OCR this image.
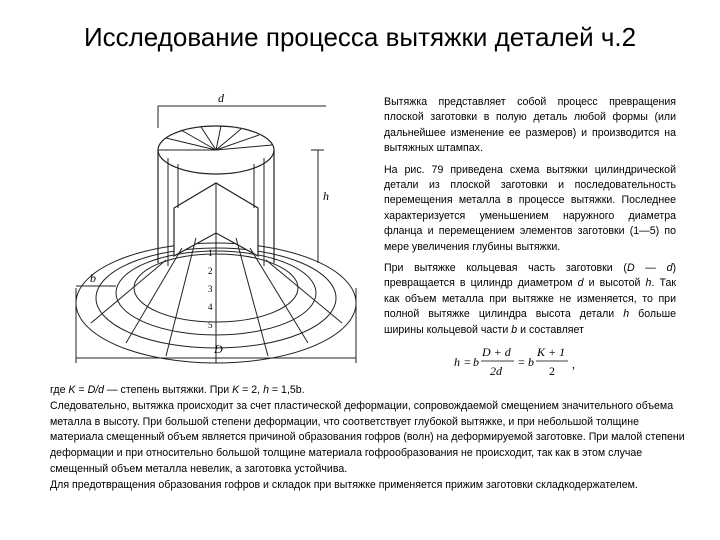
Исследование процесса вытяжки деталей ч.2
d
h
b
D
1
2
3
4
5

Вытяжка представляет собой процесс превращения плоской заготовки в полую деталь любой формы (или дальнейшее изменение ее размеров) и производится на вытяжных штампах.

На рис. 79 приведена схема вытяжки цилиндрической детали из плоской заготовки и последовательность перемещения металла в процессе вытяжки. Последнее характеризуется уменьшением наружного диаметра фланца и перемещением элементов заготовки (1—5) по мере увеличения глубины вытяжки.

При вытяжке кольцевая часть заготовки (D — d) превращается в цилиндр диаметром d и высотой h. Так как объем металла при вытяжке не изменяется, то при полной вытяжке цилиндра высота детали h больше ширины кольцевой части b и составляет

h = b
D + d
2d
= b
K + 1
2 ,

где K = D/d — степень вытяжки. При K = 2, h = 1,5b.

Следовательно, вытяжка происходит за счет пластической деформации, сопровождаемой смещением значительного объема металла в высоту. При большой степени деформации, что соответствует глубокой вытяжке, и при небольшой толщине материала смещенный объем является причиной образования гофров (волн) на деформируемой заготовке. При малой степени деформации и при относительно большой толщине материала гофрообразования не происходит, так как в этом случае смещенный объем металла невелик, а заготовка устойчива.

Для предотвращения образования гофров и складок при вытяжке применяется прижим заготовки складкодержателем.
